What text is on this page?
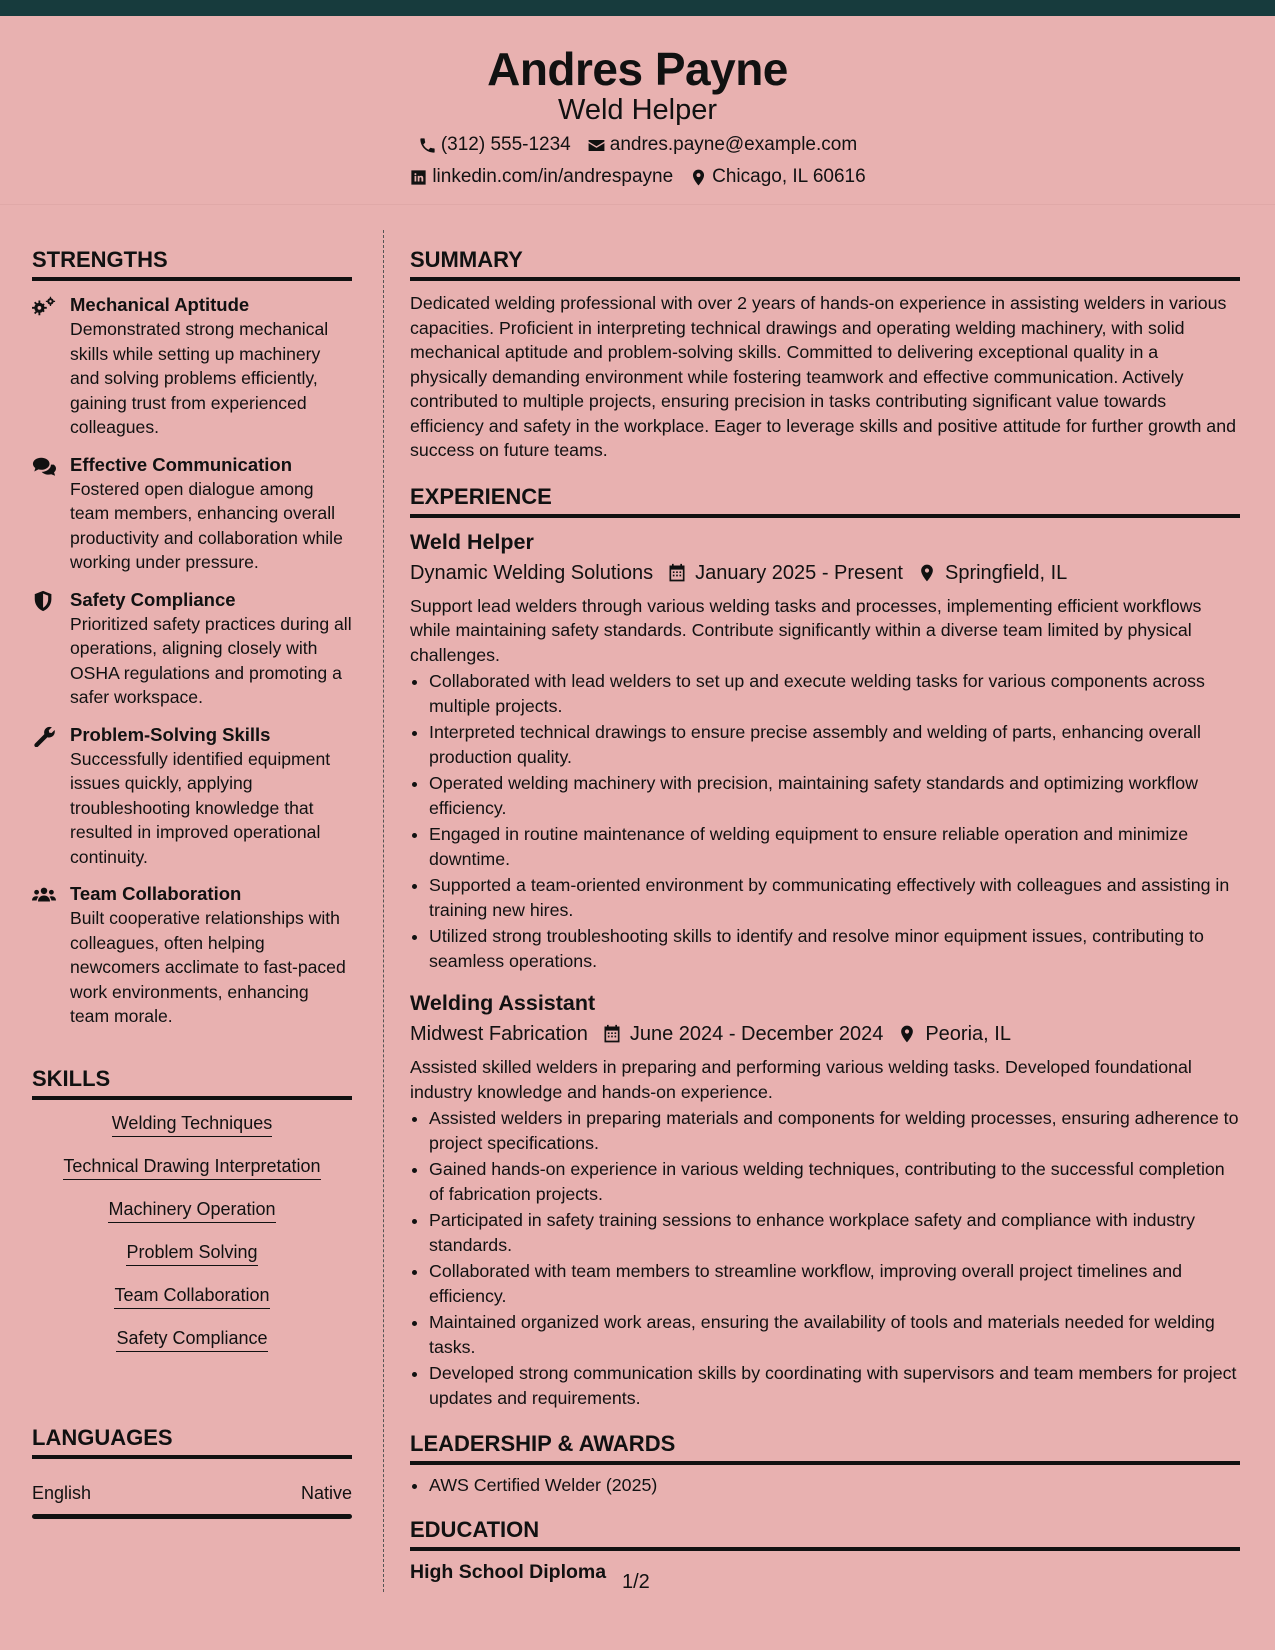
Andres Payne
Weld Helper
(312) 555-1234 andres.payne@example.com
linkedin.com/in/andrespayne Chicago, IL 60616
STRENGTHS
Mechanical Aptitude
Demonstrated strong mechanical skills while setting up machinery and solving problems efficiently, gaining trust from experienced colleagues.
Effective Communication
Fostered open dialogue among team members, enhancing overall productivity and collaboration while working under pressure.
Safety Compliance
Prioritized safety practices during all operations, aligning closely with OSHA regulations and promoting a safer workspace.
Problem-Solving Skills
Successfully identified equipment issues quickly, applying troubleshooting knowledge that resulted in improved operational continuity.
Team Collaboration
Built cooperative relationships with colleagues, often helping newcomers acclimate to fast-paced work environments, enhancing team morale.
SKILLS
Welding Techniques
Technical Drawing Interpretation
Machinery Operation
Problem Solving
Team Collaboration
Safety Compliance
LANGUAGES
English	Native
SUMMARY
Dedicated welding professional with over 2 years of hands-on experience in assisting welders in various capacities. Proficient in interpreting technical drawings and operating welding machinery, with solid mechanical aptitude and problem-solving skills. Committed to delivering exceptional quality in a physically demanding environment while fostering teamwork and effective communication. Actively contributed to multiple projects, ensuring precision in tasks contributing significant value towards efficiency and safety in the workplace. Eager to leverage skills and positive attitude for further growth and success on future teams.
EXPERIENCE
Weld Helper
Dynamic Welding Solutions January 2025 - Present Springfield, IL
Support lead welders through various welding tasks and processes, implementing efficient workflows while maintaining safety standards. Contribute significantly within a diverse team limited by physical challenges.
• Collaborated with lead welders to set up and execute welding tasks for various components across multiple projects.
• Interpreted technical drawings to ensure precise assembly and welding of parts, enhancing overall production quality.
• Operated welding machinery with precision, maintaining safety standards and optimizing workflow efficiency.
• Engaged in routine maintenance of welding equipment to ensure reliable operation and minimize downtime.
• Supported a team-oriented environment by communicating effectively with colleagues and assisting in training new hires.
• Utilized strong troubleshooting skills to identify and resolve minor equipment issues, contributing to seamless operations.
Welding Assistant
Midwest Fabrication June 2024 - December 2024 Peoria, IL
Assisted skilled welders in preparing and performing various welding tasks. Developed foundational industry knowledge and hands-on experience.
• Assisted welders in preparing materials and components for welding processes, ensuring adherence to project specifications.
• Gained hands-on experience in various welding techniques, contributing to the successful completion of fabrication projects.
• Participated in safety training sessions to enhance workplace safety and compliance with industry standards.
• Collaborated with team members to streamline workflow, improving overall project timelines and efficiency.
• Maintained organized work areas, ensuring the availability of tools and materials needed for welding tasks.
• Developed strong communication skills by coordinating with supervisors and team members for project updates and requirements.
LEADERSHIP & AWARDS
• AWS Certified Welder (2025)
EDUCATION
High School Diploma 1/2
